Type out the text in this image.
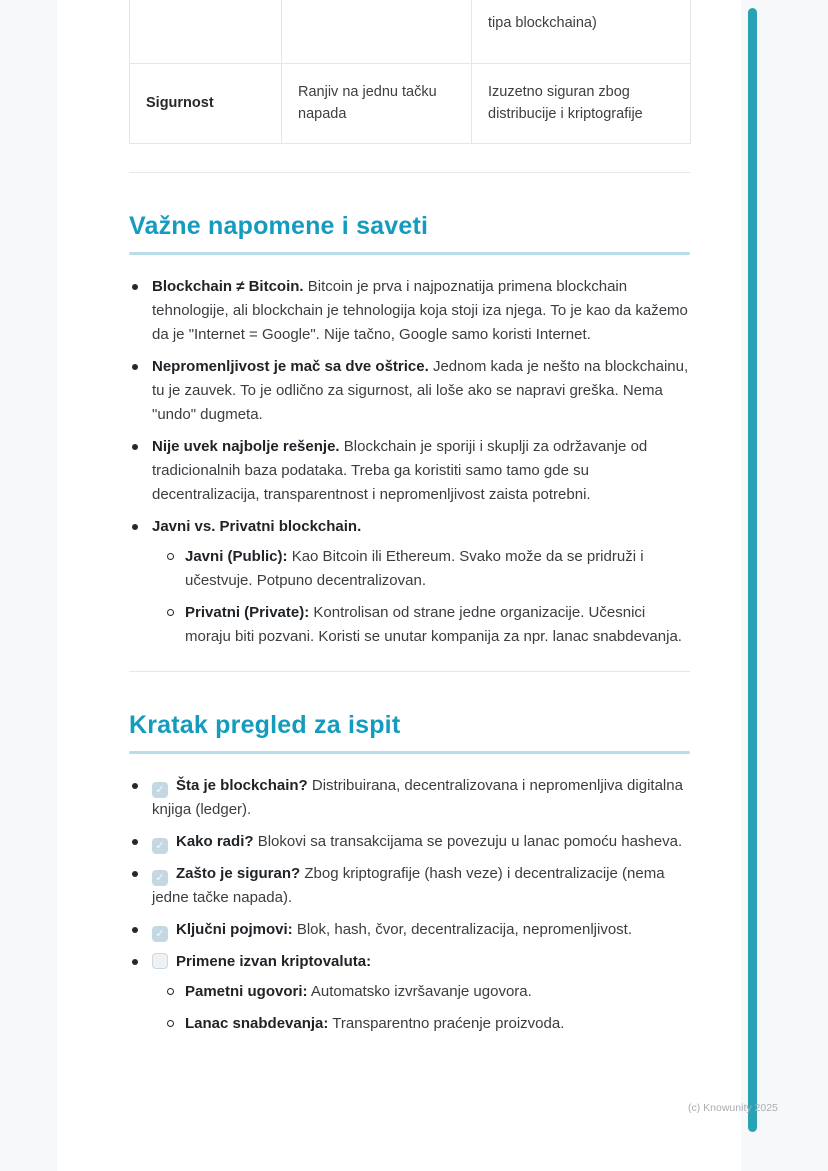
		tipa blockchaina)
Sigurnost	Ranjiv na jednu tačku napada	Izuzetno siguran zbog distribucije i kriptografije
Važne napomene i saveti
Blockchain ≠ Bitcoin. Bitcoin je prva i najpoznatija primena blockchain tehnologije, ali blockchain je tehnologija koja stoji iza njega. To je kao da kažemo da je "Internet = Google". Nije tačno, Google samo koristi Internet.
Nepromenljivost je mač sa dve oštrice. Jednom kada je nešto na blockchainu, tu je zauvek. To je odlično za sigurnost, ali loše ako se napravi greška. Nema "undo" dugmeta.
Nije uvek najbolje rešenje. Blockchain je sporiji i skuplji za održavanje od tradicionalnih baza podataka. Treba ga koristiti samo tamo gde su decentralizacija, transparentnost i nepromenljivost zaista potrebni.
Javni vs. Privatni blockchain.
Javni (Public): Kao Bitcoin ili Ethereum. Svako može da se pridruži i učestvuje. Potpuno decentralizovan.
Privatni (Private): Kontrolisan od strane jedne organizacije. Učesnici moraju biti pozvani. Koristi se unutar kompanija za npr. lanac snabdevanja.
Kratak pregled za ispit
✓ Šta je blockchain? Distribuirana, decentralizovana i nepromenljiva digitalna knjiga (ledger).
✓ Kako radi? Blokovi sa transakcijama se povezuju u lanac pomoću hasheva.
✓ Zašto je siguran? Zbog kriptografije (hash veze) i decentralizacije (nema jedne tačke napada).
✓ Ključni pojmovi: Blok, hash, čvor, decentralizacija, nepromenljivost.
Primene izvan kriptovaluta:
Pametni ugovori: Automatsko izvršavanje ugovora.
Lanac snabdevanja: Transparentno praćenje proizvoda.
(c) Knowunity 2025
